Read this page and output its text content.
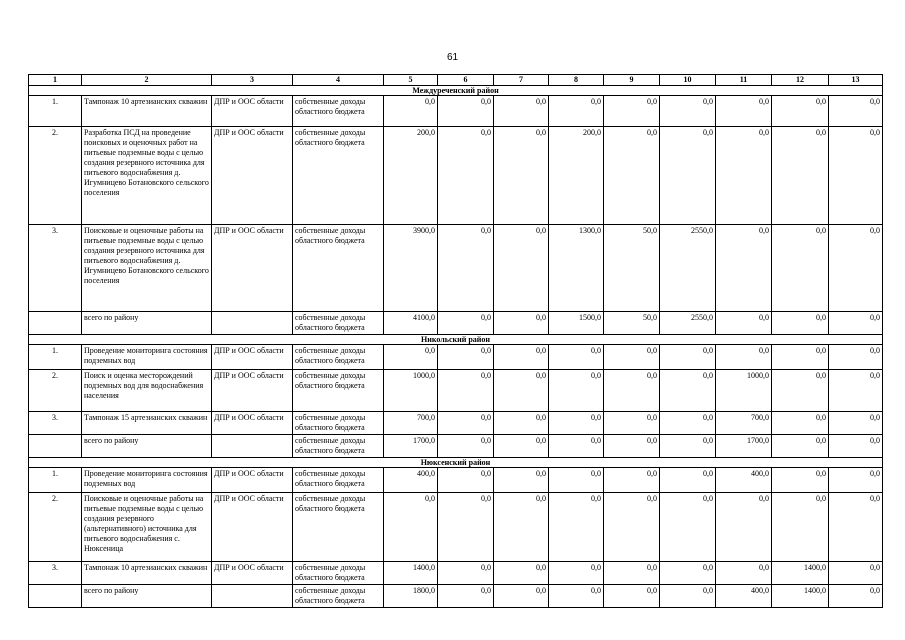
61
1	2	3	4	5	6	7	8	9	10	11	12	13
Междуреченский район												
1.	Тампонаж 10 артезианских скважин	ДПР и ООС области	собственные доходы областного бюджета	0,0	0,0	0,0	0,0	0,0	0,0	0,0	0,0	0,0
2.	Разработка ПСД на проведение поисковых и оценочных работ на питьевые подземные воды с целью создания резервного источника для питьевого водоснабжения д. Игумницево Ботановского сельского поселения	ДПР и ООС области	собственные доходы областного бюджета	200,0	0,0	0,0	200,0	0,0	0,0	0,0	0,0	0,0
3.	Поисковые и оценочные работы на питьевые подземные воды с целью создания резервного источника для питьевого водоснабжения д. Игумницево Ботановского сельского поселения	ДПР и ООС области	собственные доходы областного бюджета	3900,0	0,0	0,0	1300,0	50,0	2550,0	0,0	0,0	0,0
	всего по району		собственные доходы областного бюджета	4100,0	0,0	0,0	1500,0	50,0	2550,0	0,0	0,0	0,0
Никольский район												
1.	Проведение мониторинга состояния подземных вод	ДПР и ООС области	собственные доходы областного бюджета	0,0	0,0	0,0	0,0	0,0	0,0	0,0	0,0	0,0
2.	Поиск и оценка месторождений подземных вод для водоснабжения населения	ДПР и ООС области	собственные доходы областного бюджета	1000,0	0,0	0,0	0,0	0,0	0,0	1000,0	0,0	0,0
3.	Тампонаж 15 артезианских скважин	ДПР и ООС области	собственные доходы областного бюджета	700,0	0,0	0,0	0,0	0,0	0,0	700,0	0,0	0,0
	всего по району		собственные доходы областного бюджета	1700,0	0,0	0,0	0,0	0,0	0,0	1700,0	0,0	0,0
Нюксенский район												
1.	Проведение мониторинга состояния подземных вод	ДПР и ООС области	собственные доходы областного бюджета	400,0	0,0	0,0	0,0	0,0	0,0	400,0	0,0	0,0
2.	Поисковые и оценочные работы на питьевые подземные воды с целью создания резервного (альтернативного) источника для питьевого водоснабжения с. Нюксеница	ДПР и ООС области	собственные доходы областного бюджета	0,0	0,0	0,0	0,0	0,0	0,0	0,0	0,0	0,0
3.	Тампонаж 10 артезианских скважин	ДПР и ООС области	собственные доходы областного бюджета	1400,0	0,0	0,0	0,0	0,0	0,0	0,0	1400,0	0,0
	всего по району		собственные доходы областного бюджета	1800,0	0,0	0,0	0,0	0,0	0,0	400,0	1400,0	0,0
